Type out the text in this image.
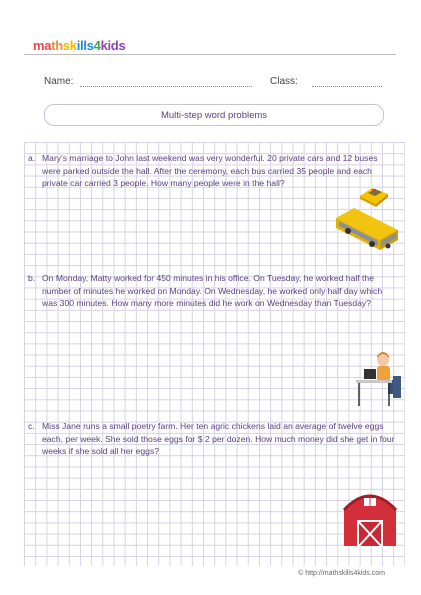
mathskills4kids
Name:	Class:
Multi-step word problems
a. Mary's marriage to John last weekend was very wonderful. 20 private cars and 12 buses were parked outside the hall. After the ceremony, each bus carried 35 people and each private car carried 3 people. How many people were in the hall?
b. On Monday, Matty worked for 450 minutes in his office. On Tuesday, he worked half the number of minutes he worked on Monday. On Wednesday, he worked only half day which was 300 minutes. How many more minutes did he work on Wednesday than Tuesday?
c. Miss Jane runs a small poetry farm. Her ten agric chickens laid an average of twelve eggs each, per week. She sold those eggs for $ 2 per dozen. How much money did she get in four weeks if she sold all her eggs?
© http://mathskills4kids.com
